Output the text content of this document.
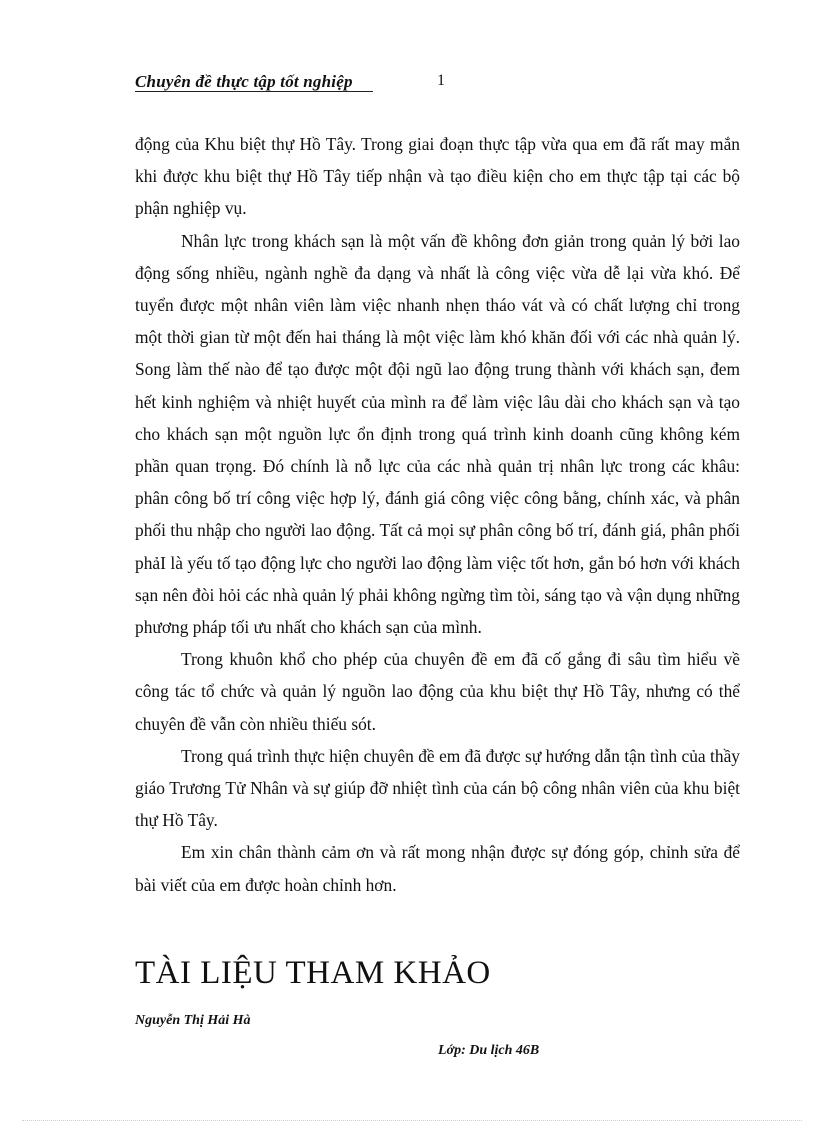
Chuyên đề thực tập tốt nghiệp	1

động của Khu biệt thự Hồ Tây. Trong giai đoạn thực tập vừa qua em đã rất may mắn khi được khu biệt thự Hồ Tây tiếp nhận và tạo điều kiện cho em thực tập tại các bộ phận nghiệp vụ.

Nhân lực trong khách sạn là một vấn đề không đơn giản trong quản lý bởi lao động sống nhiều, ngành nghề đa dạng và nhất là công việc vừa dễ lại vừa khó. Để tuyển được một nhân viên làm việc nhanh nhẹn tháo vát và có chất lượng chỉ trong một thời gian từ một đến hai tháng là một việc làm khó khăn đối với các nhà quản lý. Song làm thế nào để tạo được một đội ngũ lao động trung thành với khách sạn, đem hết kinh nghiệm và nhiệt huyết của mình ra để làm việc lâu dài cho khách sạn và tạo cho khách sạn một nguồn lực ổn định trong quá trình kinh doanh cũng không kém phần quan trọng. Đó chính là nỗ lực của các nhà quản trị nhân lực trong các khâu: phân công bố trí công việc hợp lý, đánh giá công việc công bằng, chính xác, và phân phối thu nhập cho người lao động. Tất cả mọi sự phân công bố trí, đánh giá, phân phối phảI là yếu tố tạo động lực cho người lao động làm việc tốt hơn, gắn bó hơn với khách sạn nên đòi hỏi các nhà quản lý phải không ngừng tìm tòi, sáng tạo và vận dụng những phương pháp tối ưu nhất cho khách sạn của mình.

Trong khuôn khổ cho phép của chuyên đề em đã cố gắng đi sâu tìm hiểu về công tác tổ chức và quản lý nguồn lao động của khu biệt thự Hồ Tây, nhưng có thể chuyên đề vẫn còn nhiều thiếu sót.

Trong quá trình thực hiện chuyên đề em đã được sự hướng dẫn tận tình của thầy giáo Trương Tử Nhân và sự giúp đỡ nhiệt tình của cán bộ công nhân viên của khu biệt thự Hồ Tây.

Em xin chân thành cảm ơn và rất mong nhận được sự đóng góp, chỉnh sửa để bài viết của em được hoàn chỉnh hơn.

TÀI LIỆU THAM KHẢO
Nguyễn Thị Hải Hà
Lớp: Du lịch 46B
